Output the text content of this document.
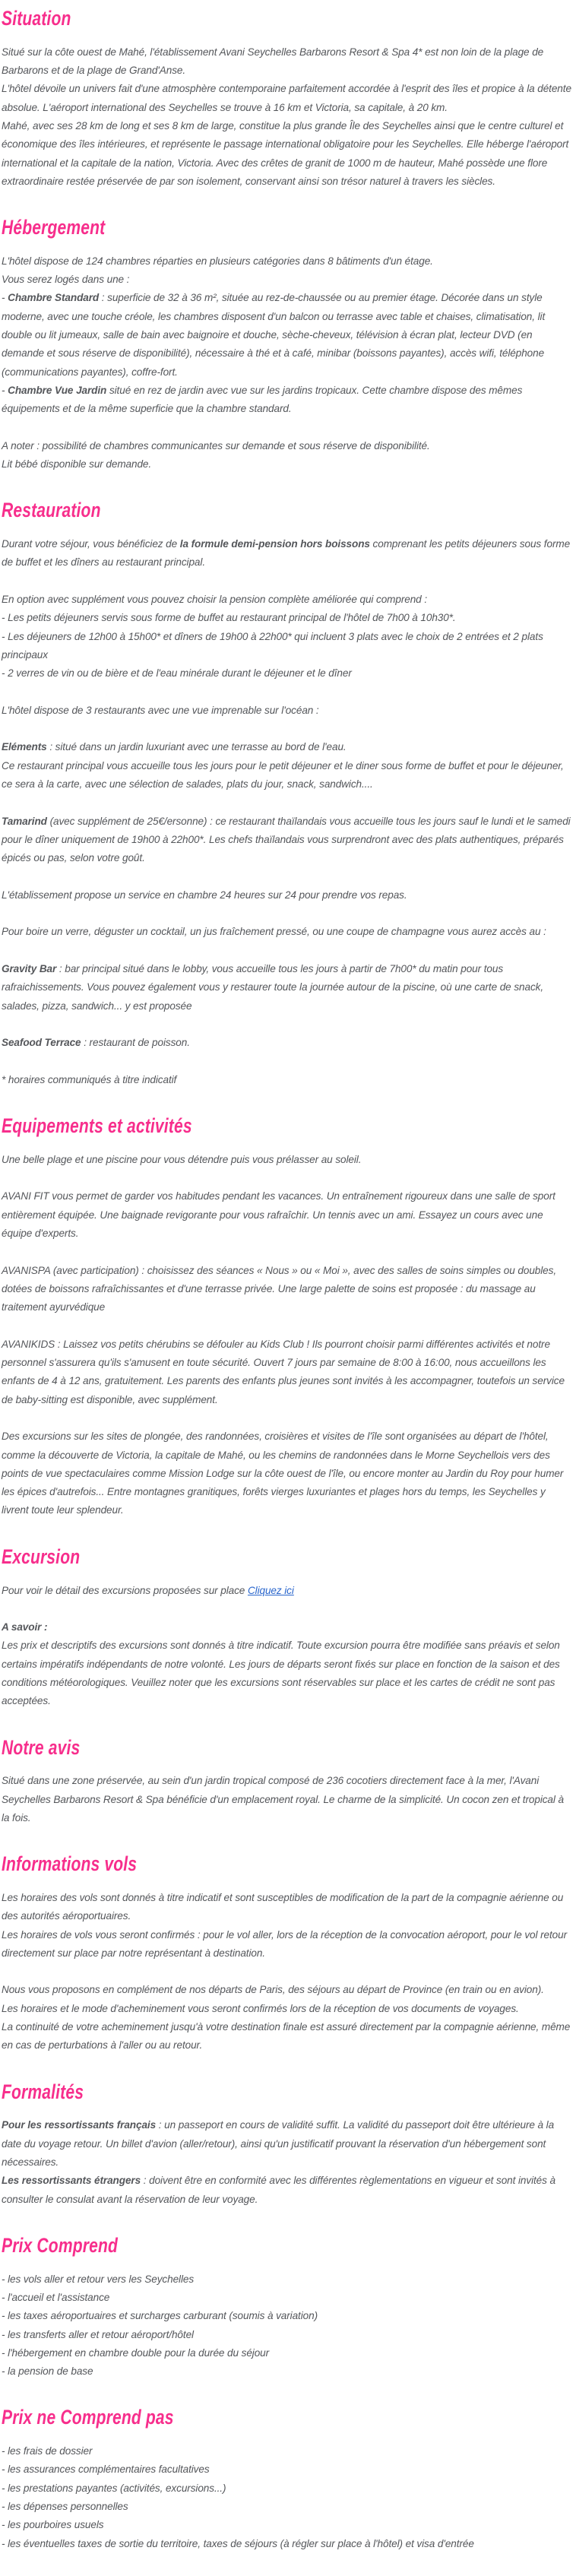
Situation

Situé sur la côte ouest de Mahé, l'établissement Avani Seychelles Barbarons Resort & Spa 4* est non loin de la plage de Barbarons et de la plage de Grand'Anse.

L'hôtel dévoile un univers fait d'une atmosphère contemporaine parfaitement accordée à l'esprit des îles et propice à la détente absolue. L'aéroport international des Seychelles se trouve à 16 km et Victoria, sa capitale, à 20 km.

Mahé, avec ses 28 km de long et ses 8 km de large, constitue la plus grande Île des Seychelles ainsi que le centre culturel et économique des îles intérieures, et représente le passage international obligatoire pour les Seychelles. Elle héberge l'aéroport international et la capitale de la nation, Victoria. Avec des crêtes de granit de 1000 m de hauteur, Mahé possède une flore extraordinaire restée préservée de par son isolement, conservant ainsi son trésor naturel à travers les siècles.

Hébergement

L'hôtel dispose de 124 chambres réparties en plusieurs catégories dans 8 bâtiments d'un étage.

Vous serez logés dans une :

- Chambre Standard : superficie de 32 à 36 m², située au rez-de-chaussée ou au premier étage. Décorée dans un style moderne, avec une touche créole, les chambres disposent d'un balcon ou terrasse avec table et chaises, climatisation, lit double ou lit jumeaux, salle de bain avec baignoire et douche, sèche-cheveux, télévision à écran plat, lecteur DVD (en demande et sous réserve de disponibilité), nécessaire à thé et à café, minibar (boissons payantes), accès wifi, téléphone (communications payantes), coffre-fort.

- Chambre Vue Jardin situé en rez de jardin avec vue sur les jardins tropicaux. Cette chambre dispose des mêmes équipements et de la même superficie que la chambre standard.

A noter : possibilité de chambres communicantes sur demande et sous réserve de disponibilité.

Lit bébé disponible sur demande.

Restauration

Durant votre séjour, vous bénéficiez de la formule demi-pension hors boissons comprenant les petits déjeuners sous forme de buffet et les dîners au restaurant principal.

En option avec supplément vous pouvez choisir la pension complète améliorée qui comprend :

- Les petits déjeuners servis sous forme de buffet au restaurant principal de l'hôtel de 7h00 à 10h30*.

- Les déjeuners de 12h00 à 15h00* et dîners de 19h00 à 22h00* qui incluent 3 plats avec le choix de 2 entrées et 2 plats principaux

- 2 verres de vin ou de bière et de l'eau minérale durant le déjeuner et le dîner

L'hôtel dispose de 3 restaurants avec une vue imprenable sur l'océan :

Eléments : situé dans un jardin luxuriant avec une terrasse au bord de l'eau.

Ce restaurant principal vous accueille tous les jours pour le petit déjeuner et le diner sous forme de buffet et pour le déjeuner, ce sera à la carte, avec une sélection de salades, plats du jour, snack, sandwich....

Tamarind (avec supplément de 25€/ersonne) : ce restaurant thaïlandais vous accueille tous les jours sauf le lundi et le samedi pour le dîner uniquement de 19h00 à 22h00*. Les chefs thaïlandais vous surprendront avec des plats authentiques, préparés épicés ou pas, selon votre goût.

L'établissement propose un service en chambre 24 heures sur 24 pour prendre vos repas.

Pour boire un verre, déguster un cocktail, un jus fraîchement pressé, ou une coupe de champagne vous aurez accès au :

Gravity Bar : bar principal situé dans le lobby, vous accueille tous les jours à partir de 7h00* du matin pour tous rafraichissements. Vous pouvez également vous y restaurer toute la journée autour de la piscine, où une carte de snack, salades, pizza, sandwich... y est proposée

Seafood Terrace : restaurant de poisson.

* horaires communiqués à titre indicatif

Equipements et activités

Une belle plage et une piscine pour vous détendre puis vous prélasser au soleil.

AVANI FIT vous permet de garder vos habitudes pendant les vacances. Un entraînement rigoureux dans une salle de sport entièrement équipée. Une baignade revigorante pour vous rafraîchir. Un tennis avec un ami. Essayez un cours avec une équipe d'experts.

AVANISPA (avec participation) : choisissez des séances « Nous » ou « Moi », avec des salles de soins simples ou doubles, dotées de boissons rafraîchissantes et d'une terrasse privée. Une large palette de soins est proposée : du massage au traitement ayurvédique

AVANIKIDS : Laissez vos petits chérubins se défouler au Kids Club ! Ils pourront choisir parmi différentes activités et notre personnel s'assurera qu'ils s'amusent en toute sécurité. Ouvert 7 jours par semaine de 8:00 à 16:00, nous accueillons les enfants de 4 à 12 ans, gratuitement. Les parents des enfants plus jeunes sont invités à les accompagner, toutefois un service de baby-sitting est disponible, avec supplément.

Des excursions sur les sites de plongée, des randonnées, croisières et visites de l'île sont organisées au départ de l'hôtel, comme la découverte de Victoria, la capitale de Mahé, ou les chemins de randonnées dans le Morne Seychellois vers des points de vue spectaculaires comme Mission Lodge sur la côte ouest de l'île, ou encore monter au Jardin du Roy pour humer les épices d'autrefois... Entre montagnes granitiques, forêts vierges luxuriantes et plages hors du temps, les Seychelles y livrent toute leur splendeur.

Excursion

Pour voir le détail des excursions proposées sur place Cliquez ici

A savoir :

Les prix et descriptifs des excursions sont donnés à titre indicatif. Toute excursion pourra être modifiée sans préavis et selon certains impératifs indépendants de notre volonté. Les jours de départs seront fixés sur place en fonction de la saison et des conditions météorologiques. Veuillez noter que les excursions sont réservables sur place et les cartes de crédit ne sont pas acceptées.

Notre avis

Situé dans une zone préservée, au sein d'un jardin tropical composé de 236 cocotiers directement face à la mer, l'Avani Seychelles Barbarons Resort & Spa bénéficie d'un emplacement royal. Le charme de la simplicité. Un cocon zen et tropical à la fois.

Informations vols

Les horaires des vols sont donnés à titre indicatif et sont susceptibles de modification de la part de la compagnie aérienne ou des autorités aéroportuaires.

Les horaires de vols vous seront confirmés : pour le vol aller, lors de la réception de la convocation aéroport, pour le vol retour directement sur place par notre représentant à destination.

Nous vous proposons en complément de nos départs de Paris, des séjours au départ de Province (en train ou en avion).

Les horaires et le mode d'acheminement vous seront confirmés lors de la réception de vos documents de voyages.

La continuité de votre acheminement jusqu'à votre destination finale est assuré directement par la compagnie aérienne, même en cas de perturbations à l'aller ou au retour.

Formalités

Pour les ressortissants français : un passeport en cours de validité suffit. La validité du passeport doit être ultérieure à la date du voyage retour. Un billet d'avion (aller/retour), ainsi qu'un justificatif prouvant la réservation d'un hébergement sont nécessaires.

Les ressortissants étrangers : doivent être en conformité avec les différentes règlementations en vigueur et sont invités à consulter le consulat avant la réservation de leur voyage.

Prix Comprend

- les vols aller et retour vers les Seychelles

- l'accueil et l'assistance

- les taxes aéroportuaires et surcharges carburant (soumis à variation)

- les transferts aller et retour aéroport/hôtel

- l'hébergement en chambre double pour la durée du séjour

- la pension de base

Prix ne Comprend pas

- les frais de dossier

- les assurances complémentaires facultatives

- les prestations payantes (activités, excursions...)

- les dépenses personnelles

- les pourboires usuels

- les éventuelles taxes de sortie du territoire, taxes de séjours (à régler sur place à l'hôtel) et visa d'entrée
